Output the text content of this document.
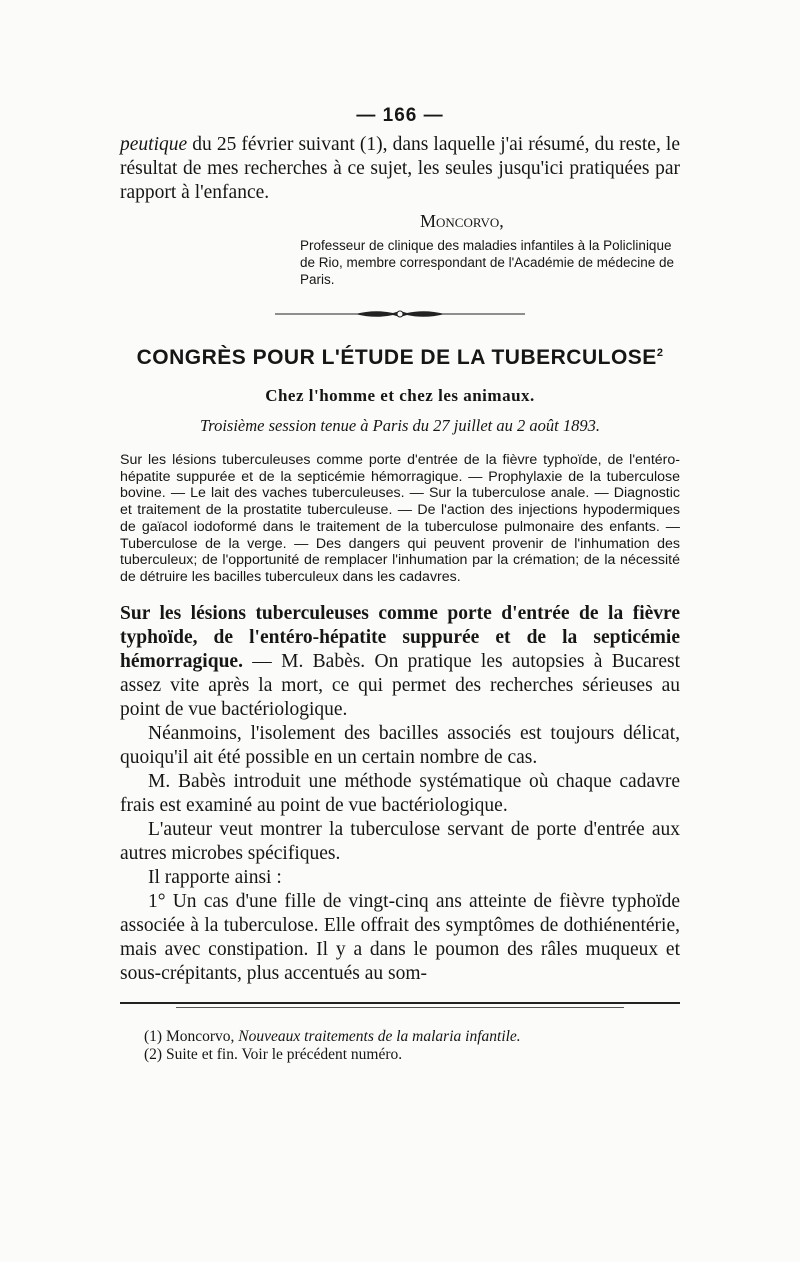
— 166 —

peutique du 25 février suivant (1), dans laquelle j'ai résumé, du reste, le résultat de mes recherches à ce sujet, les seules jusqu'ici pratiquées par rapport à l'enfance.

Moncorvo,
Professeur de clinique des maladies infantiles à la Policlinique de Rio, membre correspondant de l'Académie de médecine de Paris.
CONGRÈS POUR L'ÉTUDE DE LA TUBERCULOSE$^2$
Chez l'homme et chez les animaux.
Troisième session tenue à Paris du 27 juillet au 2 août 1893.
Sur les lésions tuberculeuses comme porte d'entrée de la fièvre typhoïde, de l'entéro-hépatite suppurée et de la septicémie hémorragique. — Prophylaxie de la tuberculose bovine. — Le lait des vaches tuberculeuses. — Sur la tuberculose anale. — Diagnostic et traitement de la prostatite tuberculeuse. — De l'action des injections hypodermiques de gaïacol iodoformé dans le traitement de la tuberculose pulmonaire des enfants. — Tuberculose de la verge. — Des dangers qui peuvent provenir de l'inhumation des tuberculeux; de l'opportunité de remplacer l'inhumation par la crémation; de la nécessité de détruire les bacilles tuberculeux dans les cadavres.

Sur les lésions tuberculeuses comme porte d'entrée de la fièvre typhoïde, de l'entéro-hépatite suppurée et de la septicémie hémorragique. — M. Babès. On pratique les autopsies à Bucarest assez vite après la mort, ce qui permet des recherches sérieuses au point de vue bactériologique.

Néanmoins, l'isolement des bacilles associés est toujours délicat, quoiqu'il ait été possible en un certain nombre de cas.

M. Babès introduit une méthode systématique où chaque cadavre frais est examiné au point de vue bactériologique.

L'auteur veut montrer la tuberculose servant de porte d'entrée aux autres microbes spécifiques.

Il rapporte ainsi :

1° Un cas d'une fille de vingt-cinq ans atteinte de fièvre typhoïde associée à la tuberculose. Elle offrait des symptômes de dothiénentérie, mais avec constipation. Il y a dans le poumon des râles muqueux et sous-crépitants, plus accentués au som-

(1) Moncorvo, Nouveaux traitements de la malaria infantile.
(2) Suite et fin. Voir le précédent numéro.
